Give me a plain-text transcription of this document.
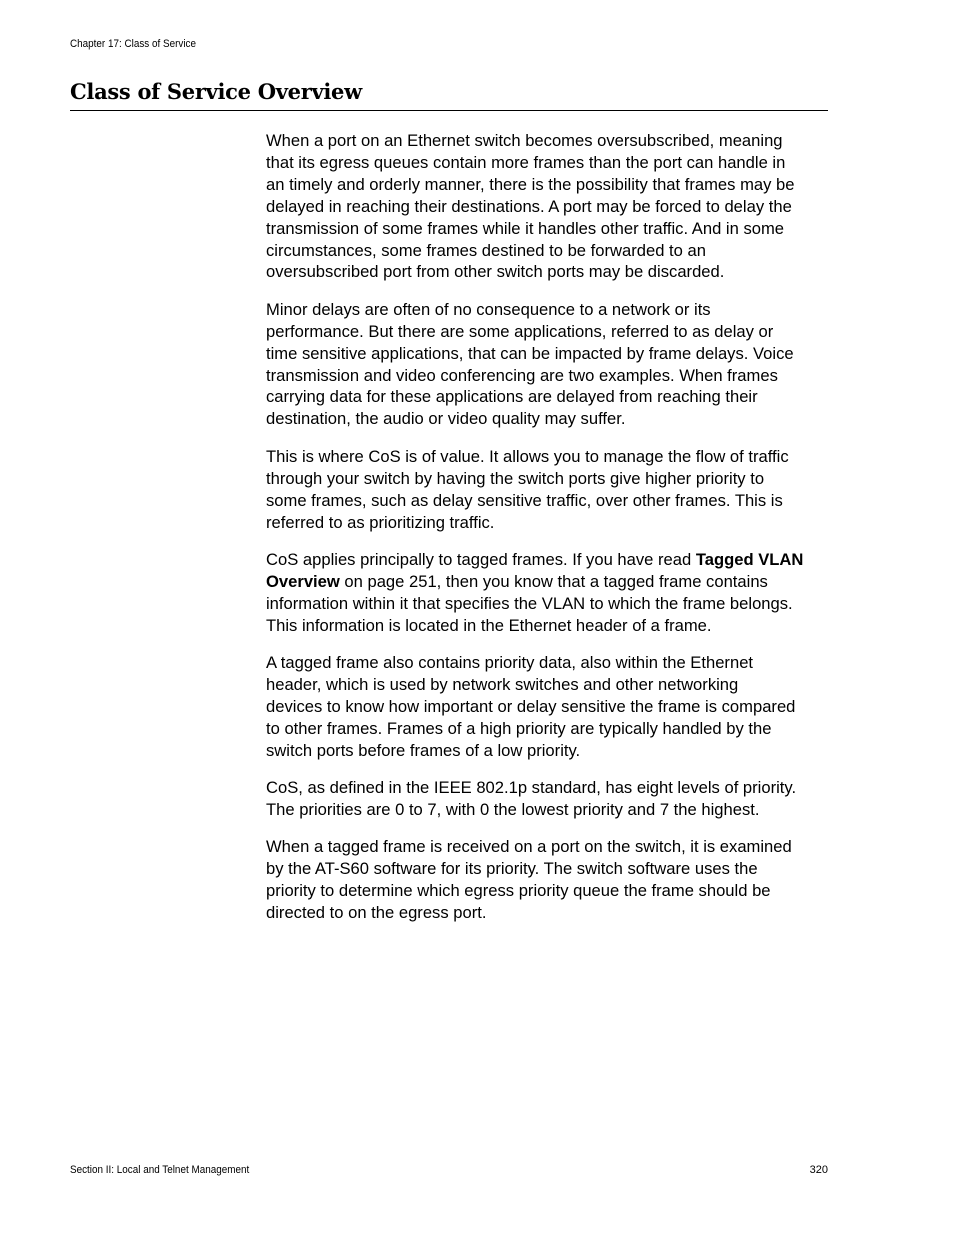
Chapter 17: Class of Service
Class of Service Overview

When a port on an Ethernet switch becomes oversubscribed, meaning
that its egress queues contain more frames than the port can handle in
an timely and orderly manner, there is the possibility that frames may be
delayed in reaching their destinations. A port may be forced to delay the
transmission of some frames while it handles other traffic. And in some
circumstances, some frames destined to be forwarded to an
oversubscribed port from other switch ports may be discarded.

Minor delays are often of no consequence to a network or its
performance. But there are some applications, referred to as delay or
time sensitive applications, that can be impacted by frame delays. Voice
transmission and video conferencing are two examples. When frames
carrying data for these applications are delayed from reaching their
destination, the audio or video quality may suffer.

This is where CoS is of value. It allows you to manage the flow of traffic
through your switch by having the switch ports give higher priority to
some frames, such as delay sensitive traffic, over other frames. This is
referred to as prioritizing traffic.

CoS applies principally to tagged frames. If you have read Tagged VLAN
Overview on page 251, then you know that a tagged frame contains
information within it that specifies the VLAN to which the frame belongs.
This information is located in the Ethernet header of a frame.

A tagged frame also contains priority data, also within the Ethernet
header, which is used by network switches and other networking
devices to know how important or delay sensitive the frame is compared
to other frames. Frames of a high priority are typically handled by the
switch ports before frames of a low priority.

CoS, as defined in the IEEE 802.1p standard, has eight levels of priority.
The priorities are 0 to 7, with 0 the lowest priority and 7 the highest.

When a tagged frame is received on a port on the switch, it is examined
by the AT-S60 software for its priority. The switch software uses the
priority to determine which egress priority queue the frame should be
directed to on the egress port.

Section II: Local and Telnet Management	320
